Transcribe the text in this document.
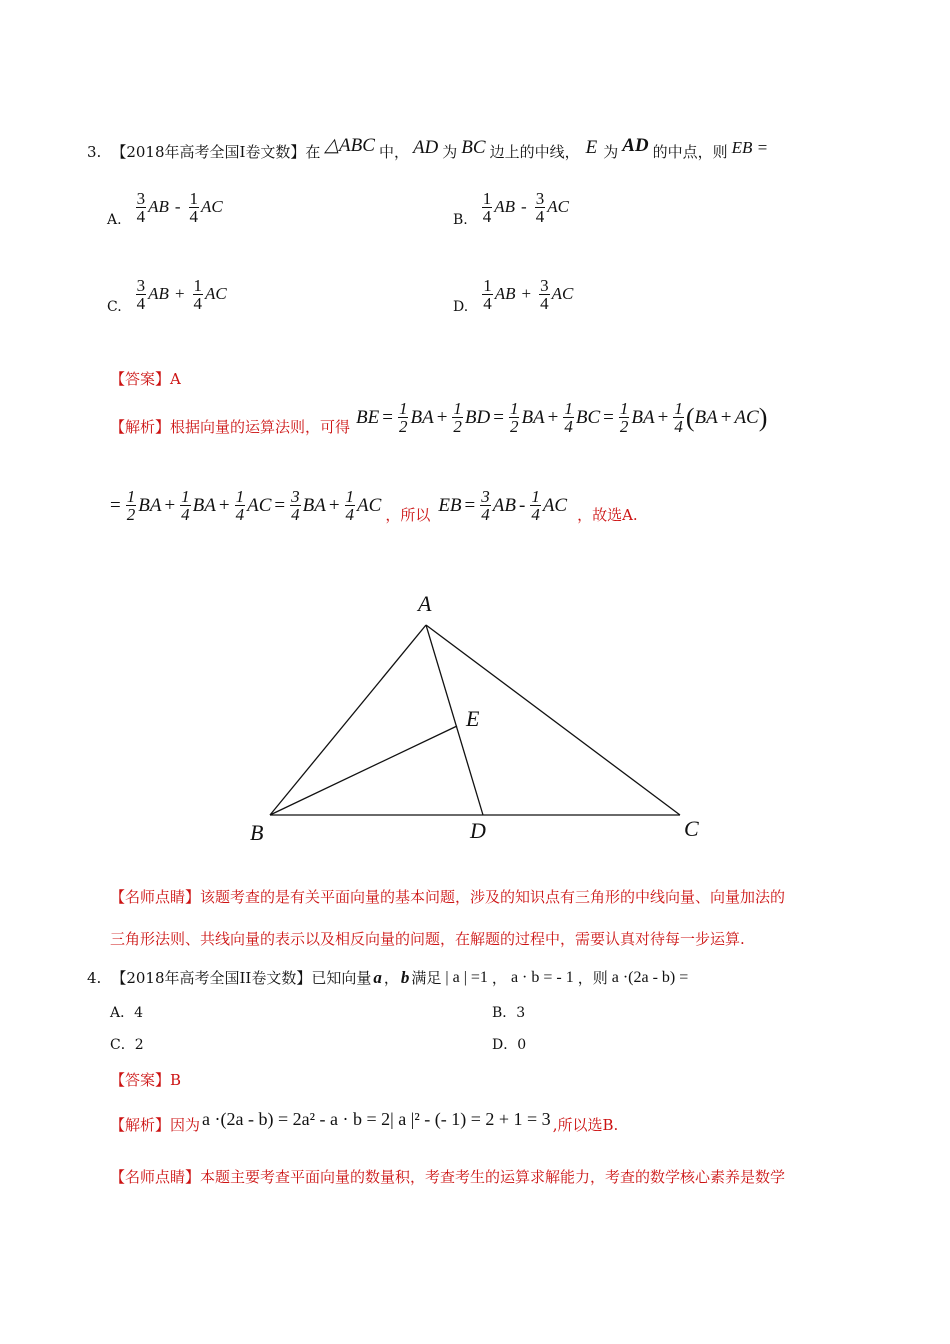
3. 【2018年高考全国I卷文数】 在 △ABC 中， AD 为 BC 边上的中线， E 为 AD 的中点，则 EB =
A. $\frac{3}{4}$ AB - $\frac{1}{4}$ AC
B. $\frac{1}{4}$ AB - $\frac{3}{4}$ AC
C. $\frac{3}{4}$ AB + $\frac{1}{4}$ AC
D. $\frac{1}{4}$ AB + $\frac{3}{4}$ AC
【答案】A
【解析】 根据向量的运算法则，可得 BE = $\frac{1}{2}$ BA + $\frac{1}{2}$ BD = $\frac{1}{2}$ BA + $\frac{1}{4}$ BC = $\frac{1}{2}$ BA + $\frac{1}{4}$ ( BA + AC )
= $\frac{1}{2}$ BA + $\frac{1}{4}$ BA + $\frac{1}{4}$ AC = $\frac{3}{4}$ BA + $\frac{1}{4}$ AC ，所以 EB = $\frac{3}{4}$ AB - $\frac{1}{4}$ AC ，故选A.
A
B	D	C
E
【名师点睛】该题考查的是有关平面向量的基本问题，涉及的知识点有三角形的中线向量、向量加法的
三角形法则、共线向量的表示以及相反向量的问题，在解题的过程中，需要认真对待每一步运算.
4. 【2018年高考全国II卷文数】 已知向量 a ， b 满足 | a | =1 ， a · b = - 1 ，则 a ·(2a - b) =
A．4	B．3
C．2	D．0
【答案】B
【解析】 因为 a ·(2a - b) = 2a² - a · b = 2| a |² - (- 1) = 2 + 1 = 3 ,所以选B.
【名师点睛】本题主要考查平面向量的数量积，考查考生的运算求解能力，考查的数学核心素养是数学
